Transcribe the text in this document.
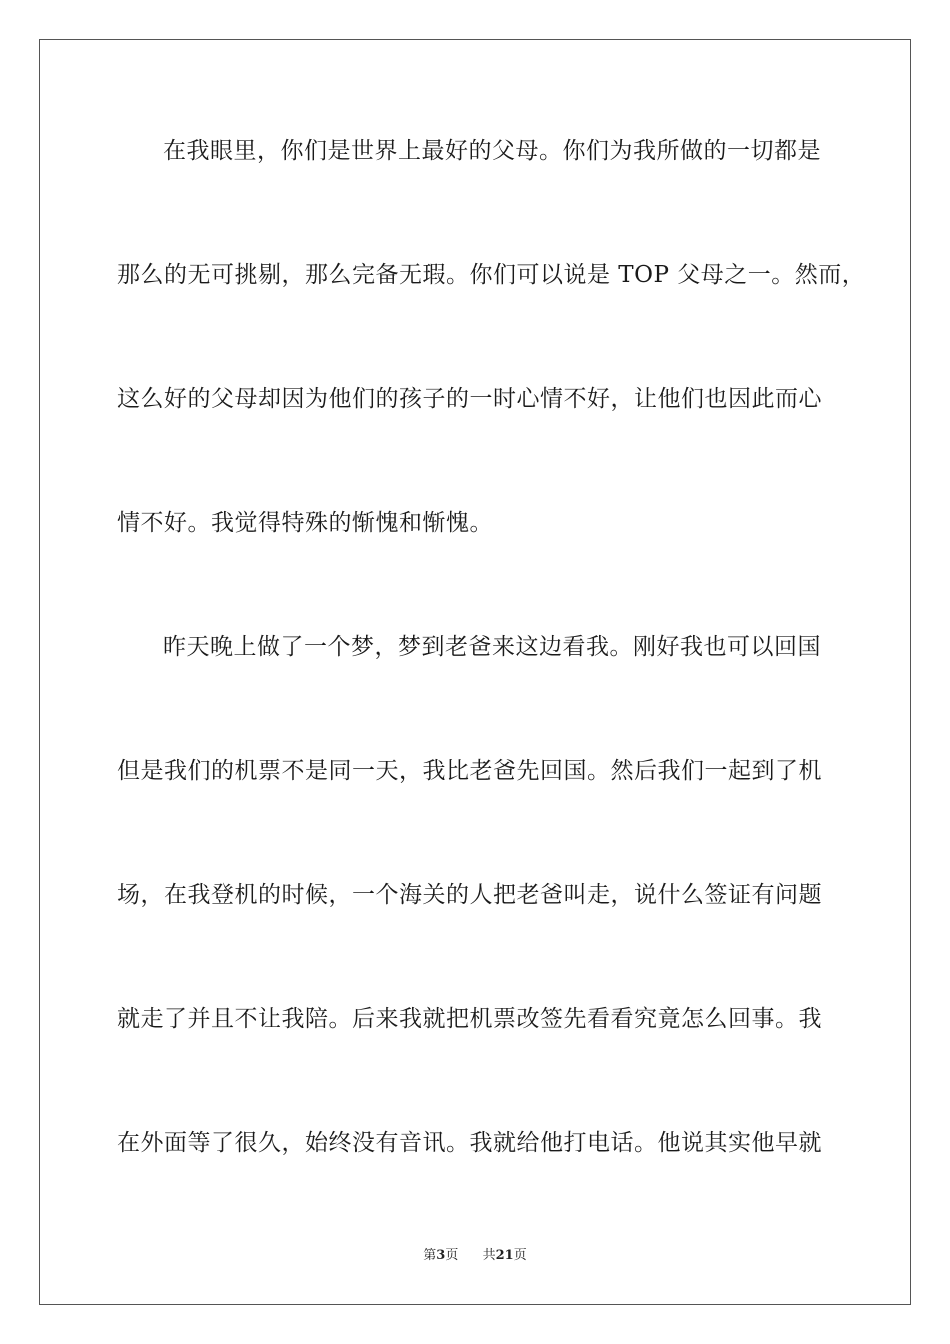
在我眼里，你们是世界上最好的父母。你们为我所做的一切都是
那么的无可挑剔，那么完备无瑕。你们可以说是 TOP 父母之一。然而，
这么好的父母却因为他们的孩子的一时心情不好，让他们也因此而心
情不好。我觉得特殊的惭愧和惭愧。
昨天晚上做了一个梦，梦到老爸来这边看我。刚好我也可以回国
但是我们的机票不是同一天，我比老爸先回国。然后我们一起到了机
场，在我登机的时候，一个海关的人把老爸叫走，说什么签证有问题
就走了并且不让我陪。后来我就把机票改签先看看究竟怎么回事。我
在外面等了很久，始终没有音讯。我就给他打电话。他说其实他早就
第3页 共21页
